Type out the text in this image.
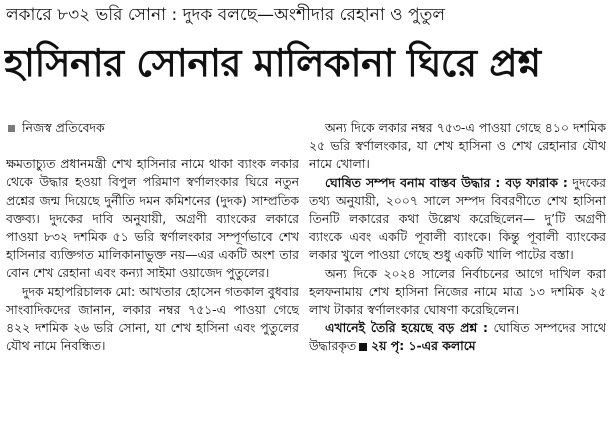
লকারে ৮৩২ ভরি সোনা : দুদক বলছে—অংশীদার রেহানা ও পুতুল
হাসিনার সোনার মালিকানা ঘিরে প্রশ্ন
নিজস্ব প্রতিবেদক

ক্ষমতাচ্যুত প্রধানমন্ত্রী শেখ হাসিনার নামে থাকা ব্যাংক লকার থেকে উদ্ধার হওয়া বিপুল পরিমাণ স্বর্ণালংকার ঘিরে নতুন প্রশ্নের জন্ম দিয়েছে দুর্নীতি দমন কমিশনের (দুদক) সাম্প্রতিক বক্তব্য। দুদকের দাবি অনুযায়ী, অগ্রণী ব্যাংকের লকারে পাওয়া ৮৩২ দশমিক ৫১ ভরি স্বর্ণালংকার সম্পূর্ণভাবে শেখ হাসিনার ব্যক্তিগত মালিকানাভুক্ত নয়—এর একটি অংশ তার বোন শেখ রেহানা এবং কন্যা সাইমা ওয়াজেদ পুতুলের।

দুদক মহাপরিচালক মো: আখতার হোসেন গতকাল বুধবার সাংবাদিকদের জানান, লকার নম্বর ৭৫১-এ পাওয়া গেছে ৪২২ দশমিক ২৬ ভরি সোনা, যা শেখ হাসিনা এবং পুতুলের যৌথ নামে নিবন্ধিত।

অন্য দিকে লকার নম্বর ৭৫৩-এ পাওয়া গেছে ৪১০ দশমিক ২৫ ভরি স্বর্ণালংকার, যা শেখ হাসিনা ও শেখ রেহানার যৌথ নামে খোলা।

ঘোষিত সম্পদ বনাম বাস্তব উদ্ধার : বড় ফারাক : দুদকের তথ্য অনুযায়ী, ২০০৭ সালে সম্পদ বিবরণীতে শেখ হাসিনা তিনটি লকারের কথা উল্লেখ করেছিলেন— দু’টি অগ্রণী ব্যাংকে এবং একটি পূবালী ব্যাংকে। কিন্তু পূবালী ব্যাংকের লকার খুলে পাওয়া গেছে শুধু একটি খালি পাটের বস্তা।

অন্য দিকে ২০২৪ সালের নির্বাচনের আগে দাখিল করা হলফনামায় শেখ হাসিনা নিজের নামে মাত্র ১৩ দশমিক ২৫ লাখ টাকার স্বর্ণালংকার ঘোষণা করেছিলেন।

এখানেই তৈরি হয়েছে বড় প্রশ্ন : ঘোষিত সম্পদের সাথে উদ্ধারকৃত ২য় পৃ: ১-এর কলামে
